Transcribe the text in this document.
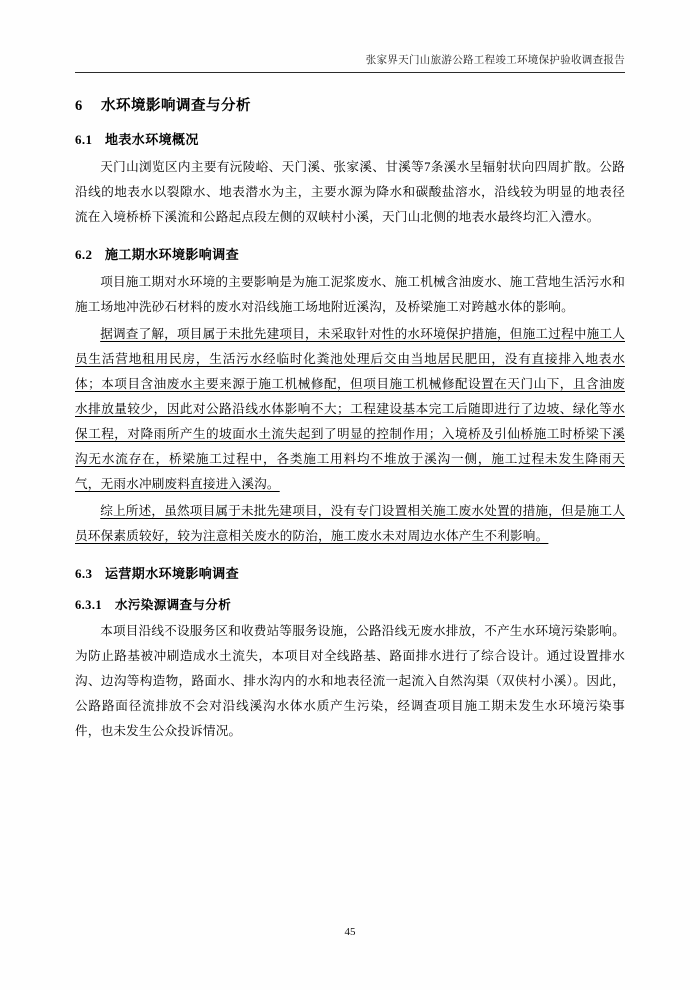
张家界天门山旅游公路工程竣工环境保护验收调查报告
6 水环境影响调查与分析
6.1 地表水环境概况

天门山浏览区内主要有沅陵峪、天门溪、张家溪、甘溪等7条溪水呈辐射状向四周扩散。公路沿线的地表水以裂隙水、地表潜水为主，主要水源为降水和碳酸盐溶水，沿线较为明显的地表径流在入境桥桥下溪流和公路起点段左侧的双峡村小溪，天门山北侧的地表水最终均汇入澧水。

6.2 施工期水环境影响调查

项目施工期对水环境的主要影响是为施工泥浆废水、施工机械含油废水、施工营地生活污水和施工场地冲洗砂石材料的废水对沿线施工场地附近溪沟，及桥梁施工对跨越水体的影响。

据调查了解，项目属于未批先建项目，未采取针对性的水环境保护措施，但施工过程中施工人员生活营地租用民房，生活污水经临时化粪池处理后交由当地居民肥田，没有直接排入地表水体；本项目含油废水主要来源于施工机械修配，但项目施工机械修配设置在天门山下，且含油废水排放量较少，因此对公路沿线水体影响不大；工程建设基本完工后随即进行了边坡、绿化等水保工程，对降雨所产生的坡面水土流失起到了明显的控制作用；入境桥及引仙桥施工时桥梁下溪沟无水流存在，桥梁施工过程中，各类施工用料均不堆放于溪沟一侧，施工过程未发生降雨天气，无雨水冲刷废料直接进入溪沟。

综上所述，虽然项目属于未批先建项目，没有专门设置相关施工废水处置的措施，但是施工人员环保素质较好，较为注意相关废水的防治，施工废水未对周边水体产生不利影响。

6.3 运营期水环境影响调查
6.3.1 水污染源调查与分析

本项目沿线不设服务区和收费站等服务设施，公路沿线无废水排放，不产生水环境污染影响。为防止路基被冲刷造成水土流失，本项目对全线路基、路面排水进行了综合设计。通过设置排水沟、边沟等构造物，路面水、排水沟内的水和地表径流一起流入自然沟渠（双侠村小溪）。因此，公路路面径流排放不会对沿线溪沟水体水质产生污染，经调查项目施工期未发生水环境污染事件，也未发生公众投诉情况。

45
